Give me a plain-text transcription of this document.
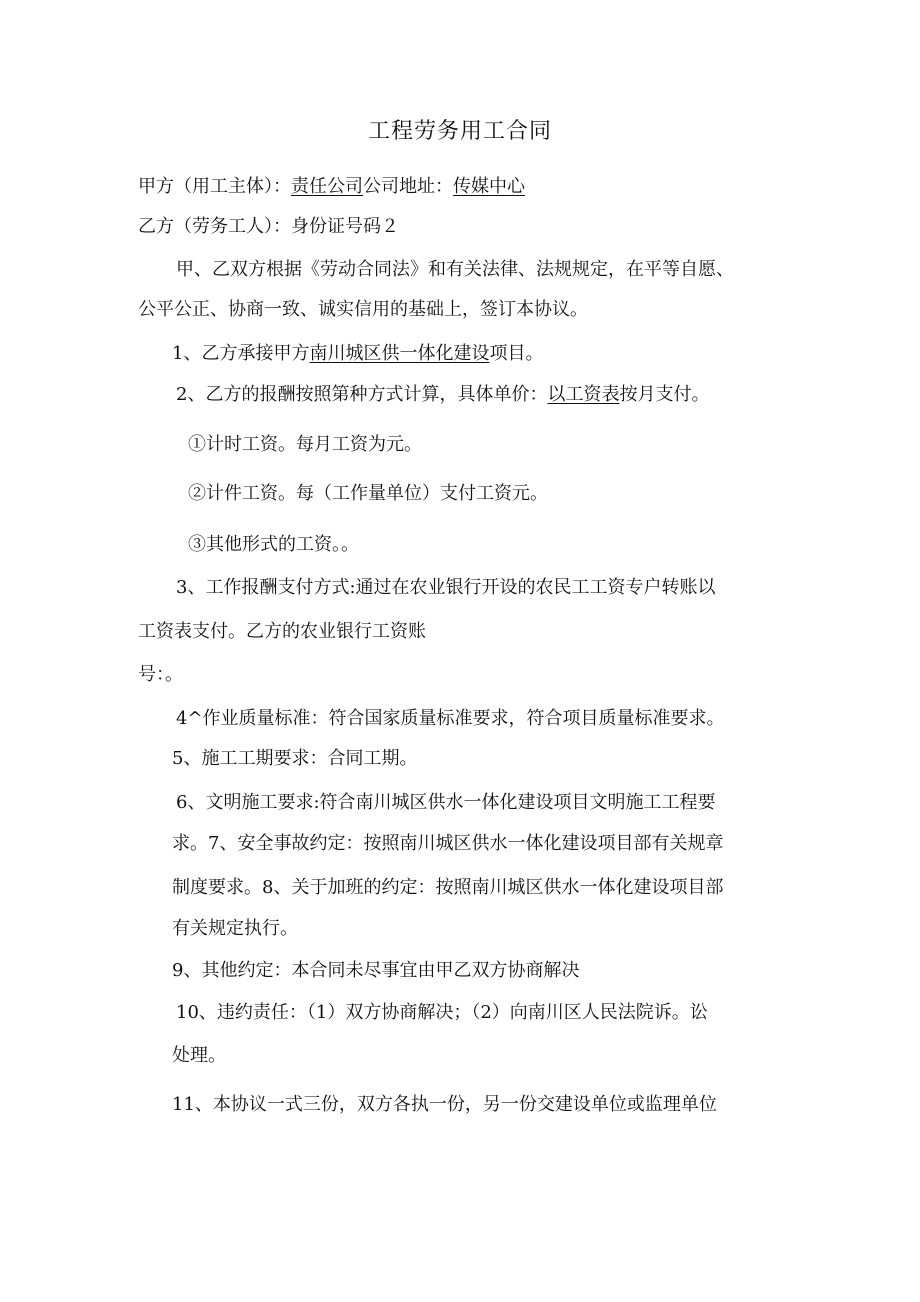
工程劳务用工合同

甲方（用工主体）：责任公司公司地址：传媒中心

乙方（劳务工人）：身份证号码２

甲、乙双方根据《劳动合同法》和有关法律、法规规定，在平等自愿、

公平公正、协商一致、诚实信用的基础上，签订本协议。

1、乙方承接甲方南川城区供一体化建设项目。

2、乙方的报酬按照第种方式计算，具体单价：以工资表按月支付。

①计时工资。每月工资为元。

②计件工资。每（工作量单位）支付工资元。

③其他形式的工资。。

3、工作报酬支付方式:通过在农业银行开设的农民工工资专户转账以

工资表支付。乙方的农业银行工资账

号：。

4^作业质量标准：符合国家质量标准要求，符合项目质量标准要求。

5、施工工期要求：合同工期。

6、文明施工要求:符合南川城区供水一体化建设项目文明施工工程要

求。7、安全事故约定：按照南川城区供水一体化建设项目部有关规章

制度要求。8、关于加班的约定：按照南川城区供水一体化建设项目部

有关规定执行。

9、其他约定：本合同未尽事宜由甲乙双方协商解决

10、违约责任：（1）双方协商解决；（2）向南川区人民法院诉。讼

处理。

11、本协议一式三份，双方各执一份，另一份交建设单位或监理单位
